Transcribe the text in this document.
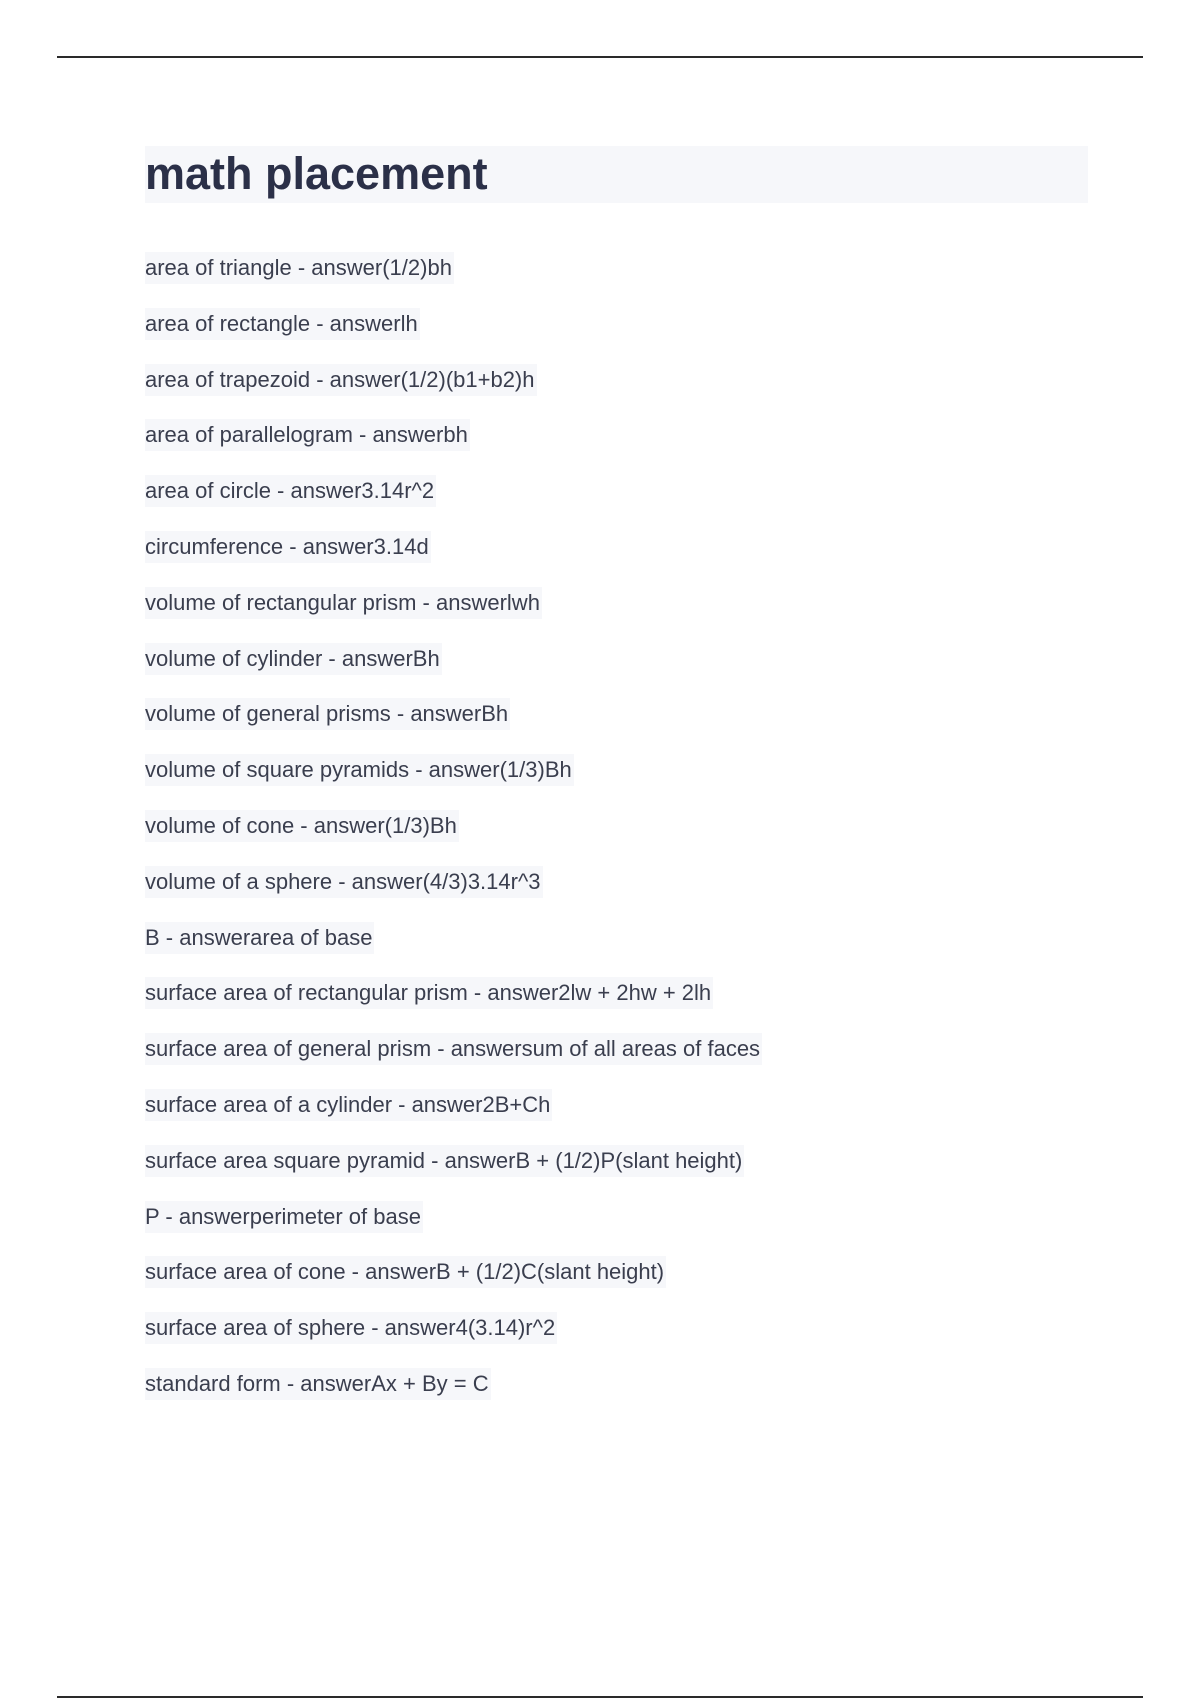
math placement
area of triangle - answer(1/2)bh
area of rectangle - answerlh
area of trapezoid - answer(1/2)(b1+b2)h
area of parallelogram - answerbh
area of circle - answer3.14r^2
circumference - answer3.14d
volume of rectangular prism - answerlwh
volume of cylinder - answerBh
volume of general prisms - answerBh
volume of square pyramids - answer(1/3)Bh
volume of cone - answer(1/3)Bh
volume of a sphere - answer(4/3)3.14r^3
B - answerarea of base
surface area of rectangular prism - answer2lw + 2hw + 2lh
surface area of general prism - answersum of all areas of faces
surface area of a cylinder - answer2B+Ch
surface area square pyramid - answerB + (1/2)P(slant height)
P - answerperimeter of base
surface area of cone - answerB + (1/2)C(slant height)
surface area of sphere - answer4(3.14)r^2
standard form - answerAx + By = C
